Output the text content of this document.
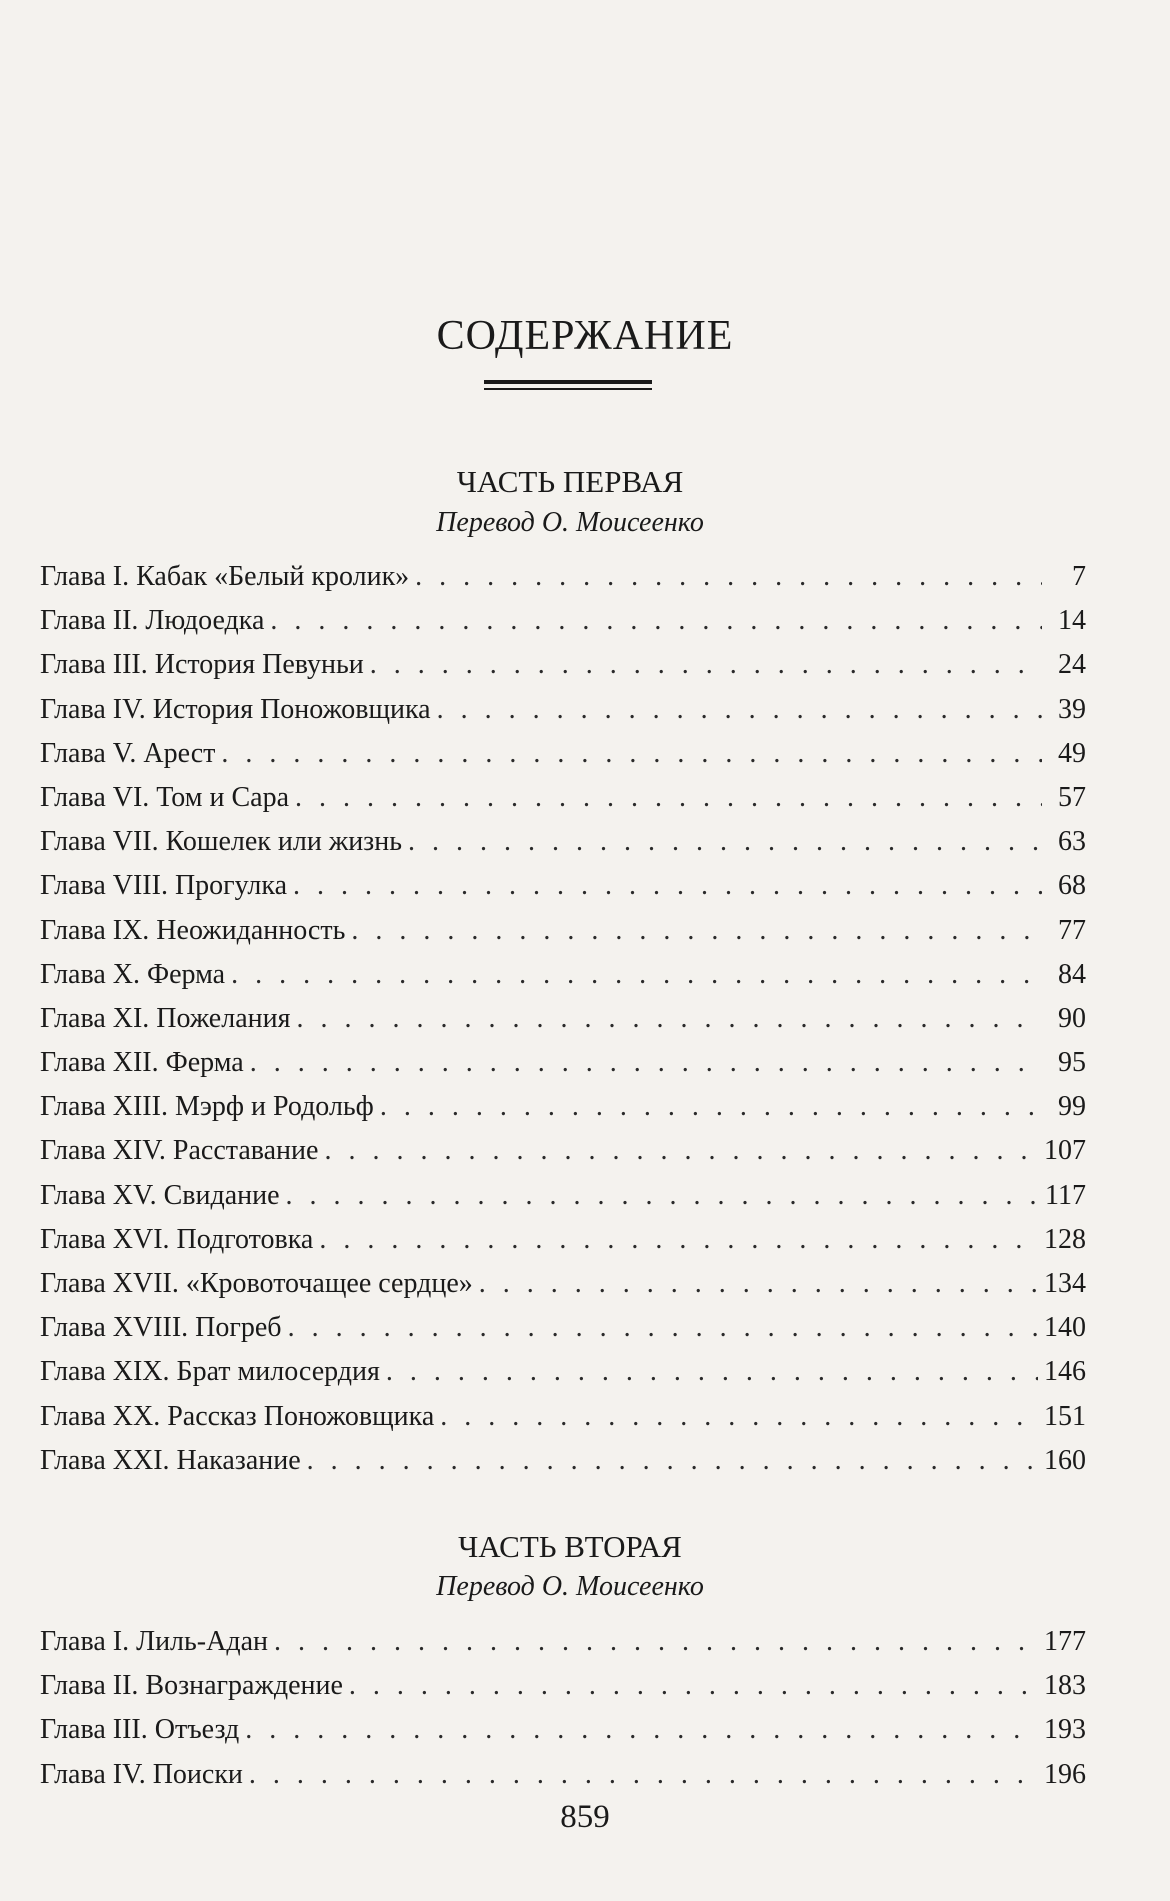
СОДЕРЖАНИЕ
ЧАСТЬ ПЕРВАЯ
Перевод О. Моисеенко
Глава I. Кабак «Белый кролик» . . .	7
Глава II. Людоедка . . .	14
Глава III. История Певуньи . . .	24
Глава IV. История Поножовщика . . .	39
Глава V. Арест . . .	49
Глава VI. Том и Сара . . .	57
Глава VII. Кошелек или жизнь . . .	63
Глава VIII. Прогулка . . .	68
Глава IX. Неожиданность . . .	77
Глава X. Ферма . . .	84
Глава XI. Пожелания . . .	90
Глава XII. Ферма . . .	95
Глава XIII. Мэрф и Родольф . . .	99
Глава XIV. Расставание . . .	107
Глава XV. Свидание . . .	117
Глава XVI. Подготовка . . .	128
Глава XVII. «Кровоточащее сердце» . . .	134
Глава XVIII. Погреб . . .	140
Глава XIX. Брат милосердия . . .	146
Глава XX. Рассказ Поножовщика . . .	151
Глава XXI. Наказание . . .	160
ЧАСТЬ ВТОРАЯ
Перевод О. Моисеенко
Глава I. Лиль-Адан . . .	177
Глава II. Вознаграждение . . .	183
Глава III. Отъезд . . .	193
Глава IV. Поиски . . .	196
859
